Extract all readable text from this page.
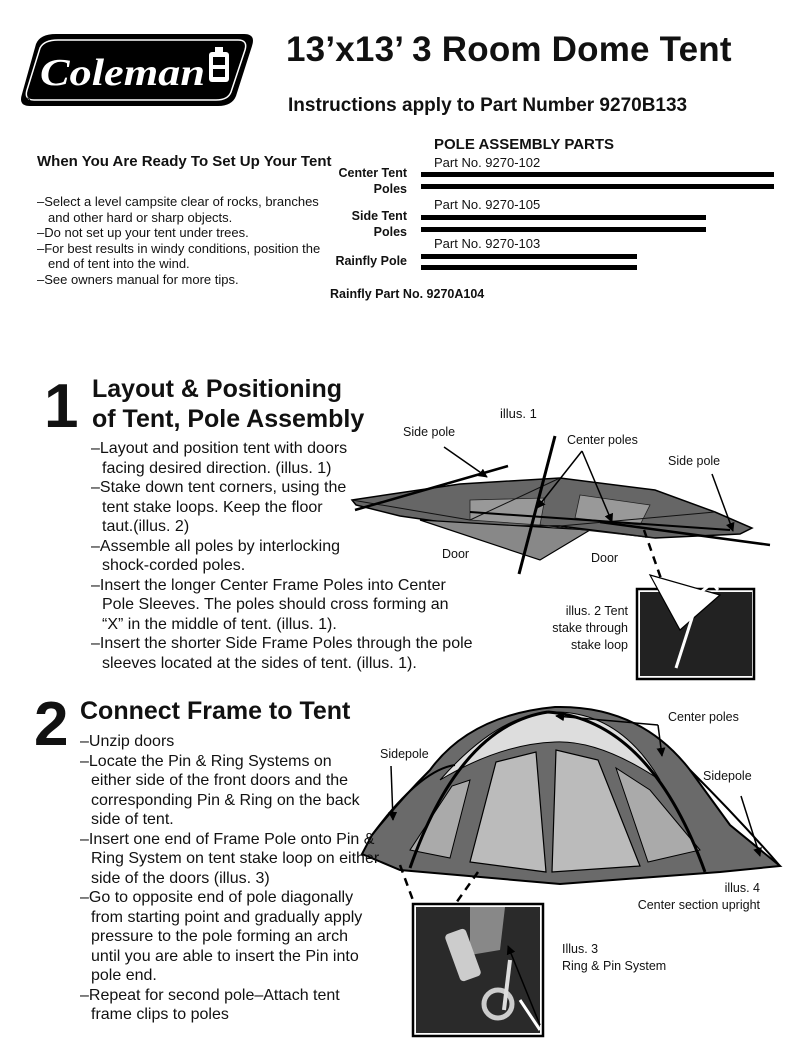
Coleman
13’x13’ 3 Room Dome Tent
Instructions apply to Part Number 9270B133
When You Are Ready To Set Up Your Tent
–Select a level campsite clear of rocks, branches and other hard or sharp objects.
–Do not set up your tent under trees.
–For best results in windy conditions, position the end of tent into the wind.
–See owners manual for more tips.
POLE ASSEMBLY PARTS
Part No. 9270-102
Center Tent
Poles
Part No. 9270-105
Side Tent
Poles
Part No. 9270-103
Rainfly Pole
Rainfly Part No. 9270A104
1 Layout & Positioning
of Tent, Pole Assembly
–Layout and position tent with doors facing desired direction. (illus. 1)
–Stake down tent corners, using the tent stake loops. Keep the floor taut.(illus. 2)
–Assemble all poles by interlocking shock-corded poles.
–Insert the longer Center Frame Poles into Center Pole Sleeves. The poles should cross forming an “X” in the middle of tent. (illus. 1).
–Insert the shorter Side Frame Poles through the pole sleeves located at the sides of tent. (illus. 1).
illus. 1
Side pole
Center poles
Side pole
Door	Door
illus. 2 Tent
stake through
stake loop
2 Connect Frame to Tent
–Unzip doors
–Locate the Pin & Ring Systems on either side of the front doors and the corresponding Pin & Ring on the back side of tent.
–Insert one end of Frame Pole onto Pin & Ring System on tent stake loop on either side of the doors (illus. 3)
–Go to opposite end of pole diagonally from starting point and gradually apply pressure to the pole forming an arch until you are able to insert the Pin into pole end.
–Repeat for second pole–Attach tent frame clips to poles
Center poles
Sidepole
Sidepole
illus. 4
Center section upright
Illus. 3
Ring & Pin System
